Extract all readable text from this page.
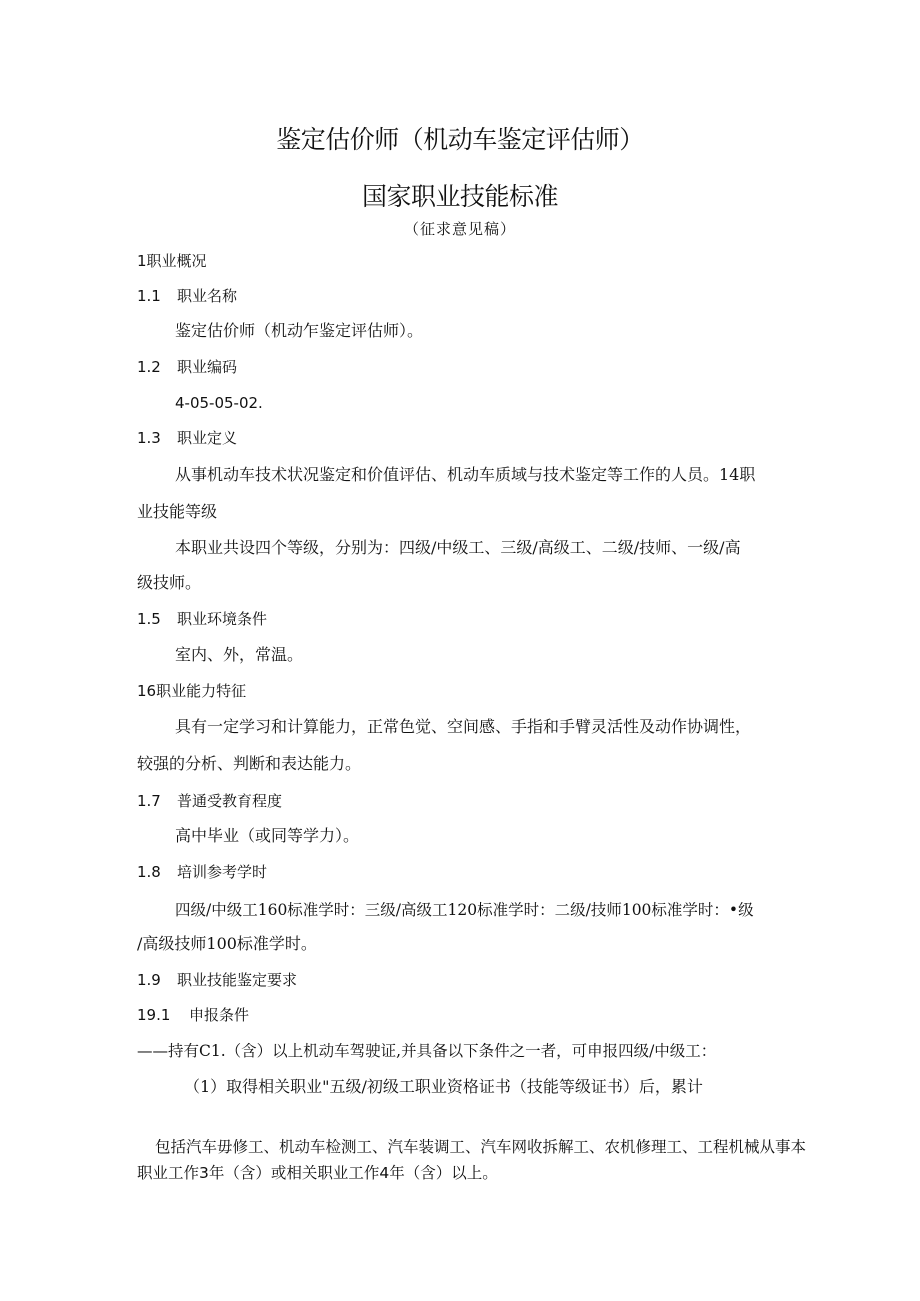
鉴定估价师（机动车鉴定评估师）
国家职业技能标准
（征求意见稿）
1职业概况
1.1 职业名称
鉴定估价师（机动乍鉴定评估师）。
1.2 职业编码
4-05-05-02.
1.3 职业定义
从事机动车技术状况鉴定和价值评估、机动车质域与技术鉴定等工作的人员。14职
业技能等级
本职业共设四个等级，分别为：四级/中级工、三级/高级工、二级/技师、一级/高
级技师。
1.5 职业环境条件
室内、外，常温。
16职业能力特征
具有一定学习和计算能力，正常色觉、空间感、手指和手臂灵活性及动作协调性，
较强的分析、判断和表达能力。
1.7 普通受教育程度
高中毕业（或同等学力）。
1.8 培训参考学时
四级/中级工160标准学时：三级/高级工120标准学时：二级/技师100标准学时：•级
/高级技师100标准学时。
1.9 职业技能鉴定要求
19.1 申报条件
——持有C1.（含）以上机动车驾驶证,并具备以下条件之一者，可申报四级/中级工：
（1）取得相关职业"五级/初级工职业资格证书（技能等级证书）后，累计
包括汽车毋修工、机动车检测工、汽车装调工、汽车网收拆解工、农机修理工、工程机械从事本
职业工作3年（含）或相关职业工作4年（含）以上。
